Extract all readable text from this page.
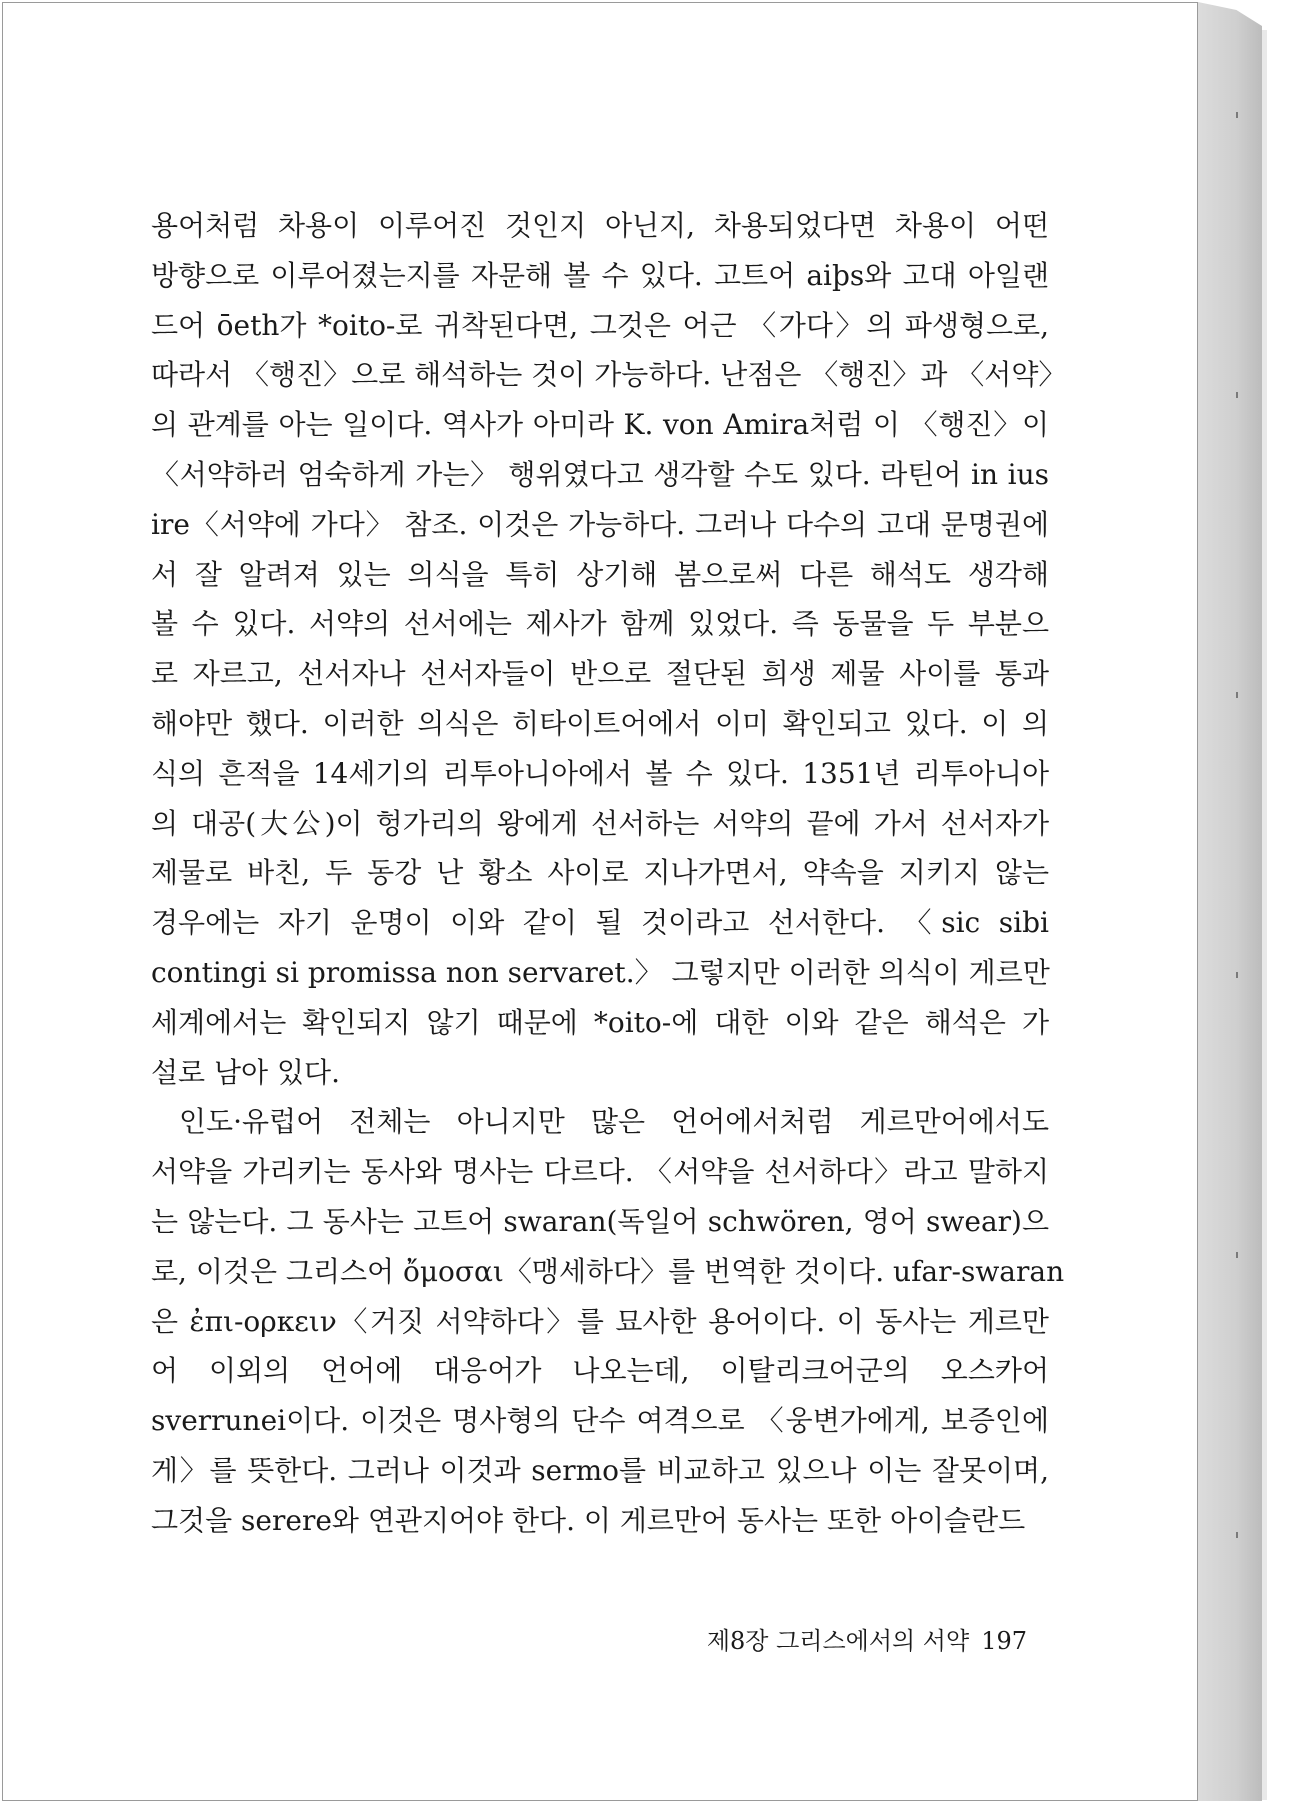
용어처럼 차용이 이루어진 것인지 아닌지, 차용되었다면 차용이 어떤

방향으로 이루어졌는지를 자문해 볼 수 있다. 고트어 aiþs와 고대 아일랜

드어 ōeth가 *oito-로 귀착된다면, 그것은 어근 〈가다〉의 파생형으로,

따라서 〈행진〉으로 해석하는 것이 가능하다. 난점은 〈행진〉과 〈서약〉

의 관계를 아는 일이다. 역사가 아미라 K. von Amira처럼 이 〈행진〉이

〈서약하러 엄숙하게 가는〉 행위였다고 생각할 수도 있다. 라틴어 in ius

ire〈서약에 가다〉 참조. 이것은 가능하다. 그러나 다수의 고대 문명권에

서 잘 알려져 있는 의식을 특히 상기해 봄으로써 다른 해석도 생각해

볼 수 있다. 서약의 선서에는 제사가 함께 있었다. 즉 동물을 두 부분으

로 자르고, 선서자나 선서자들이 반으로 절단된 희생 제물 사이를 통과

해야만 했다. 이러한 의식은 히타이트어에서 이미 확인되고 있다. 이 의

식의 흔적을 14세기의 리투아니아에서 볼 수 있다. 1351년 리투아니아

의 대공(大公)이 헝가리의 왕에게 선서하는 서약의 끝에 가서 선서자가

제물로 바친, 두 동강 난 황소 사이로 지나가면서, 약속을 지키지 않는

경우에는 자기 운명이 이와 같이 될 것이라고 선서한다. 〈sic sibi

contingi si promissa non servaret.〉 그렇지만 이러한 의식이 게르만

세계에서는 확인되지 않기 때문에 *oito-에 대한 이와 같은 해석은 가

설로 남아 있다.

인도·유럽어 전체는 아니지만 많은 언어에서처럼 게르만어에서도

서약을 가리키는 동사와 명사는 다르다. 〈서약을 선서하다〉라고 말하지

는 않는다. 그 동사는 고트어 swaran(독일어 schwören, 영어 swear)으

로, 이것은 그리스어 ὄμοσαι〈맹세하다〉를 번역한 것이다. ufar-swaran

은 ἐπι-ορκειν〈거짓 서약하다〉를 묘사한 용어이다. 이 동사는 게르만

어 이외의 언어에 대응어가 나오는데, 이탈리크어군의 오스카어

sverrunei이다. 이것은 명사형의 단수 여격으로 〈웅변가에게, 보증인에

게〉를 뜻한다. 그러나 이것과 sermo를 비교하고 있으나 이는 잘못이며,

그것을 serere와 연관지어야 한다. 이 게르만어 동사는 또한 아이슬란드

제8장 그리스에서의 서약 197
